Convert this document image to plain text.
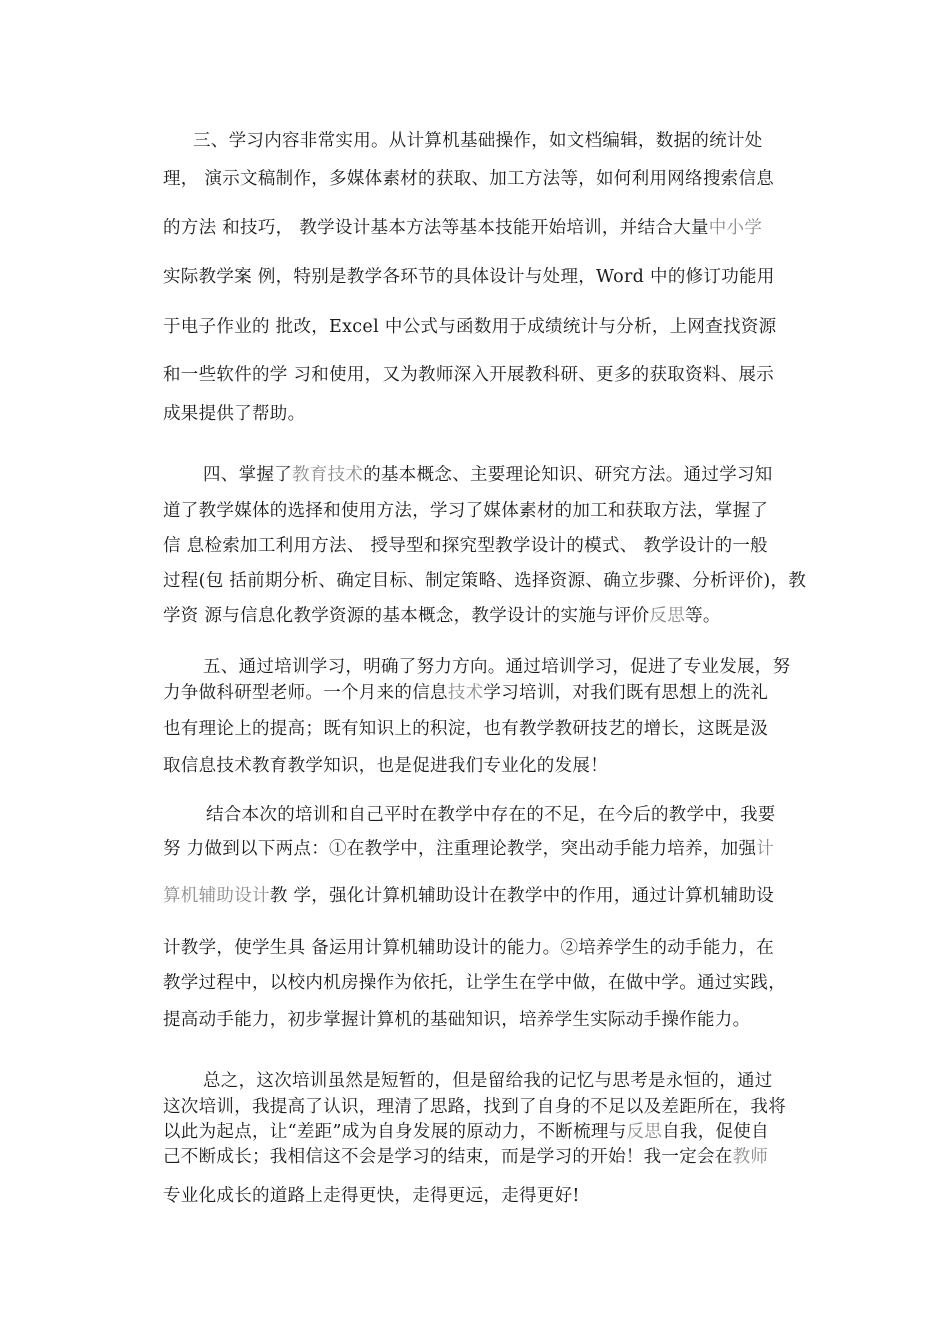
三、学习内容非常实用。从计算机基础操作，如文档编辑，数据的统计处
理， 演示文稿制作，多媒体素材的获取、加工方法等，如何利用网络搜索信息
的方法 和技巧， 教学设计基本方法等基本技能开始培训，并结合大量中小学
实际教学案 例，特别是教学各环节的具体设计与处理，Word 中的修订功能用
于电子作业的 批改，Excel 中公式与函数用于成绩统计与分析，上网查找资源
和一些软件的学 习和使用，又为教师深入开展教科研、更多的获取资料、展示
成果提供了帮助。
四、掌握了教育技术的基本概念、主要理论知识、研究方法。通过学习知
道了教学媒体的选择和使用方法，学习了媒体素材的加工和获取方法，掌握了
信 息检索加工利用方法、 授导型和探究型教学设计的模式、 教学设计的一般
过程(包 括前期分析、确定目标、制定策略、选择资源、确立步骤、分析评价)，教
学资 源与信息化教学资源的基本概念，教学设计的实施与评价反思等。
五、通过培训学习，明确了努力方向。通过培训学习，促进了专业发展，努
力争做科研型老师。一个月来的信息技术学习培训，对我们既有思想上的洗礼
也有理论上的提高；既有知识上的积淀，也有教学教研技艺的增长，这既是汲
取信息技术教育教学知识，也是促进我们专业化的发展！
结合本次的培训和自己平时在教学中存在的不足，在今后的教学中，我要
努 力做到以下两点：①在教学中，注重理论教学，突出动手能力培养，加强计
算机辅助设计教 学，强化计算机辅助设计在教学中的作用，通过计算机辅助设
计教学，使学生具 备运用计算机辅助设计的能力。②培养学生的动手能力，在
教学过程中，以校内机房操作为依托，让学生在学中做，在做中学。通过实践，
提高动手能力，初步掌握计算机的基础知识，培养学生实际动手操作能力。
总之，这次培训虽然是短暂的，但是留给我的记忆与思考是永恒的，通过
这次培训，我提高了认识，理清了思路，找到了自身的不足以及差距所在，我将
以此为起点，让“差距”成为自身发展的原动力，不断梳理与反思自我，促使自
己不断成长；我相信这不会是学习的结束，而是学习的开始！我一定会在教师
专业化成长的道路上走得更快，走得更远，走得更好!
